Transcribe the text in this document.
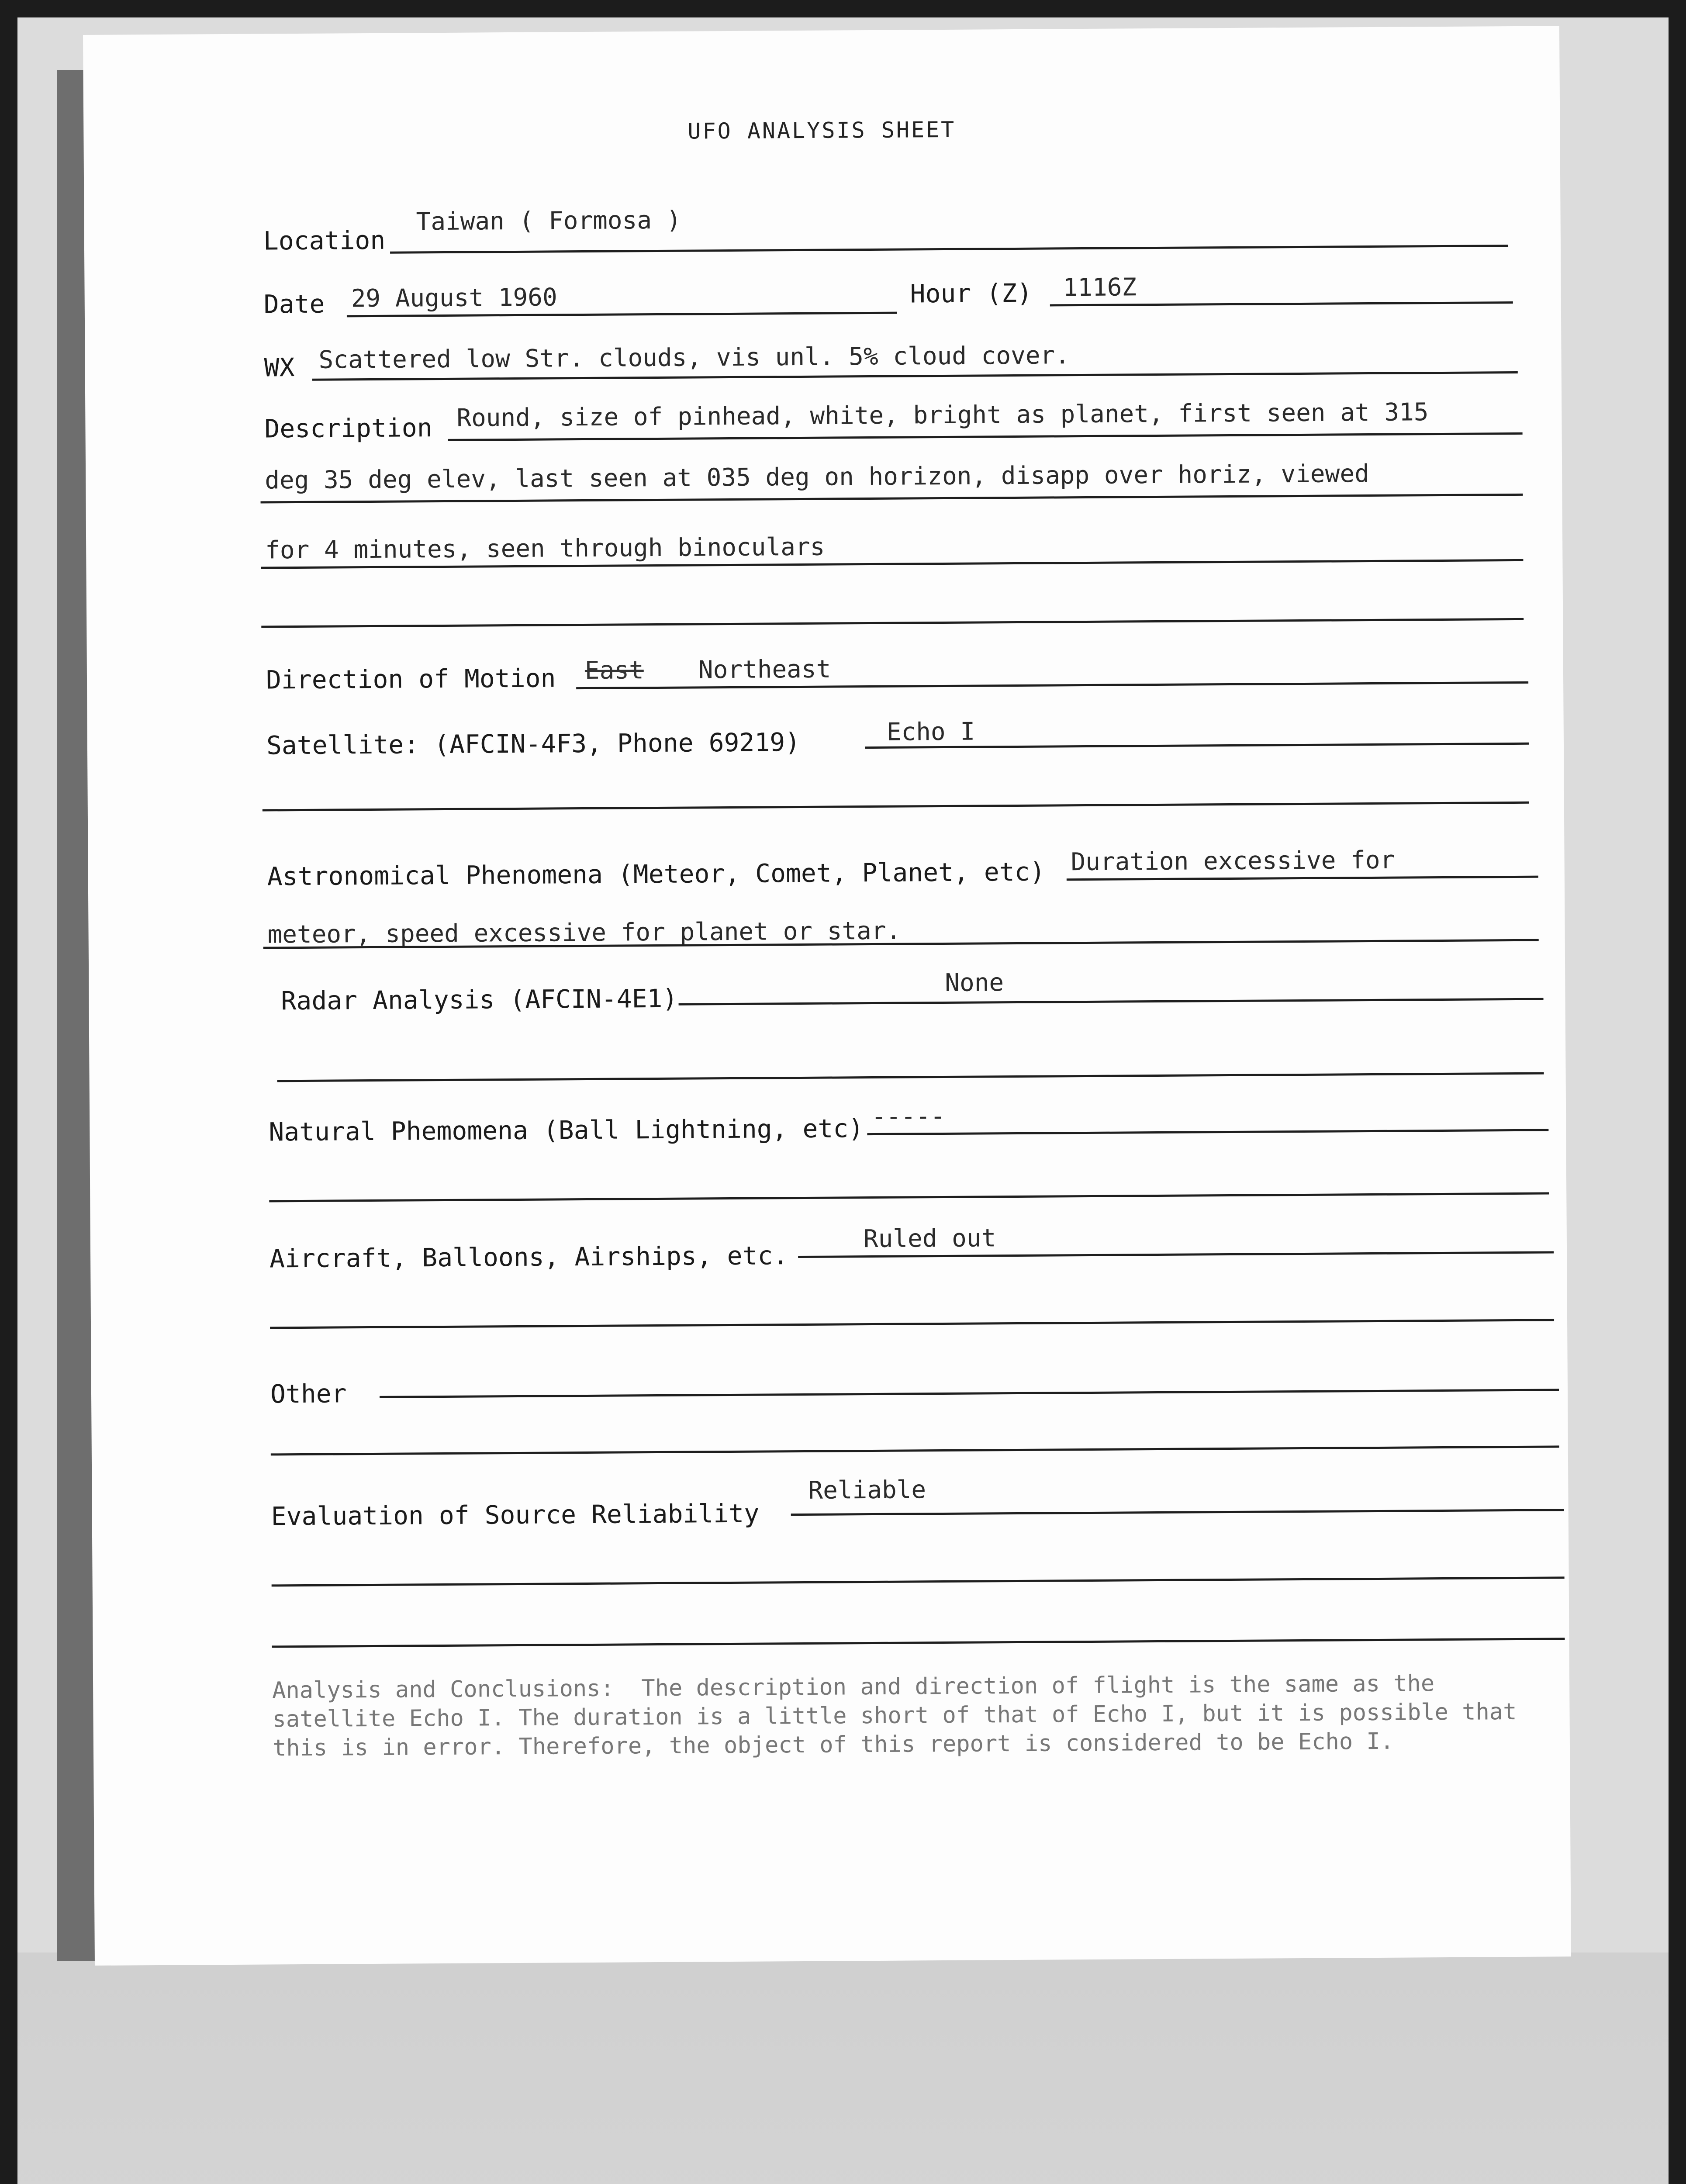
UFO ANALYSIS SHEET
Location
Taiwan ( Formosa )
Date 29 August 1960	Hour (Z) 1116Z
WX Scattered low Str. clouds, vis unl. 5% cloud cover.
Description Round, size of pinhead, white, bright as planet, first seen at 315
deg 35 deg elev, last seen at 035 deg on horizon, disapp over horiz, viewed
for 4 minutes, seen through binoculars
Direction of Motion East Northeast
Satellite: (AFCIN-4F3, Phone 69219)	Echo I
Astronomical Phenomena (Meteor, Comet, Planet, etc) Duration excessive for
meteor, speed excessive for planet or star.
Radar Analysis (AFCIN-4E1)
None
Natural Phemomena (Ball Lightning, etc) -----
Aircraft, Balloons, Airships, etc.
Ruled out
Other
Evaluation of Source Reliability
Reliable
Analysis and Conclusions: The description and direction of flight is the same as the satellite Echo I. The duration is a little short of that of Echo I, but it is possible that this is in error. Therefore, the object of this report is considered to be Echo I.
